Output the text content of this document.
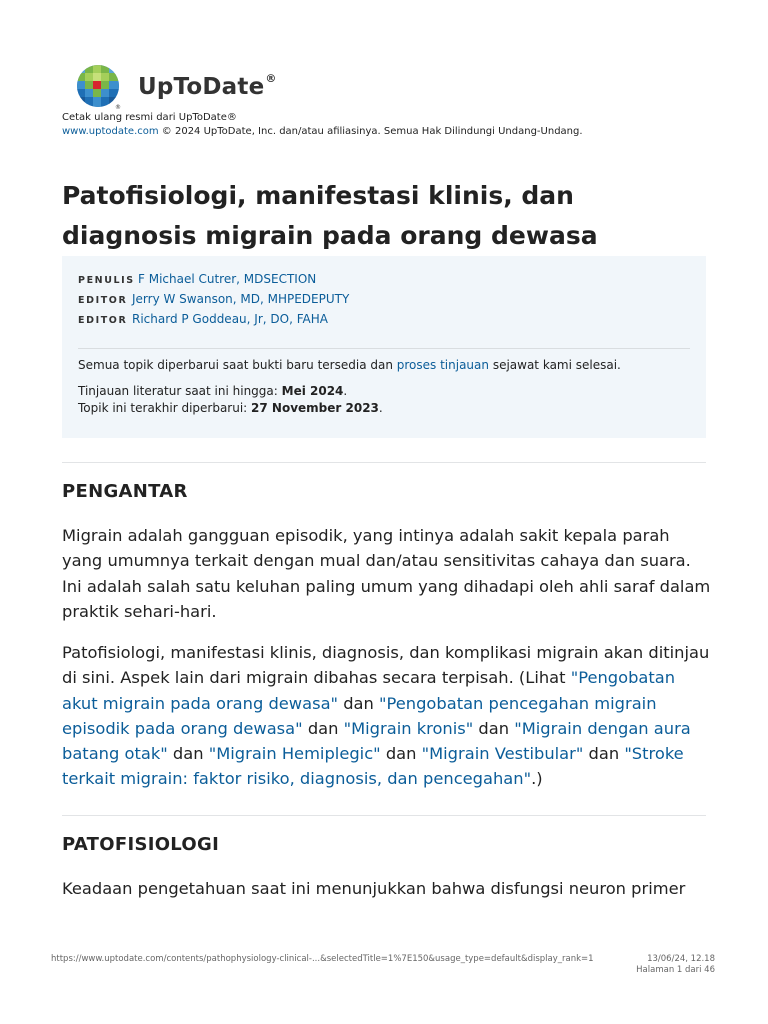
®
UpToDate®
Cetak ulang resmi dari UpToDate®
www.uptodate.com © 2024 UpToDate, Inc. dan/atau afiliasinya. Semua Hak Dilindungi Undang-Undang.
Patofisiologi, manifestasi klinis, dan diagnosis migrain pada orang dewasa
PENULIS F Michael Cutrer, MDSECTION
EDITOR Jerry W Swanson, MD, MHPEDEPUTY
EDITOR Richard P Goddeau, Jr, DO, FAHA

Semua topik diperbarui saat bukti baru tersedia dan proses tinjauan sejawat kami selesai.

Tinjauan literatur saat ini hingga: Mei 2024.

Topik ini terakhir diperbarui: 27 November 2023.

PENGANTAR

Migrain adalah gangguan episodik, yang intinya adalah sakit kepala parah yang umumnya terkait dengan mual dan/atau sensitivitas cahaya dan suara. Ini adalah salah satu keluhan paling umum yang dihadapi oleh ahli saraf dalam praktik sehari-hari.

Patofisiologi, manifestasi klinis, diagnosis, dan komplikasi migrain akan ditinjau di sini. Aspek lain dari migrain dibahas secara terpisah. (Lihat "Pengobatan akut migrain pada orang dewasa" dan "Pengobatan pencegahan migrain episodik pada orang dewasa" dan "Migrain kronis" dan "Migrain dengan aura batang otak" dan "Migrain Hemiplegic" dan "Migrain Vestibular" dan "Stroke terkait migrain: faktor risiko, diagnosis, dan pencegahan".)

PATOFISIOLOGI

Keadaan pengetahuan saat ini menunjukkan bahwa disfungsi neuron primer

https://www.uptodate.com/contents/pathophysiology-clinical-...&selectedTitle=1%7E150&usage_type=default&display_rank=1	13/06/24, 12.18
Halaman 1 dari 46
